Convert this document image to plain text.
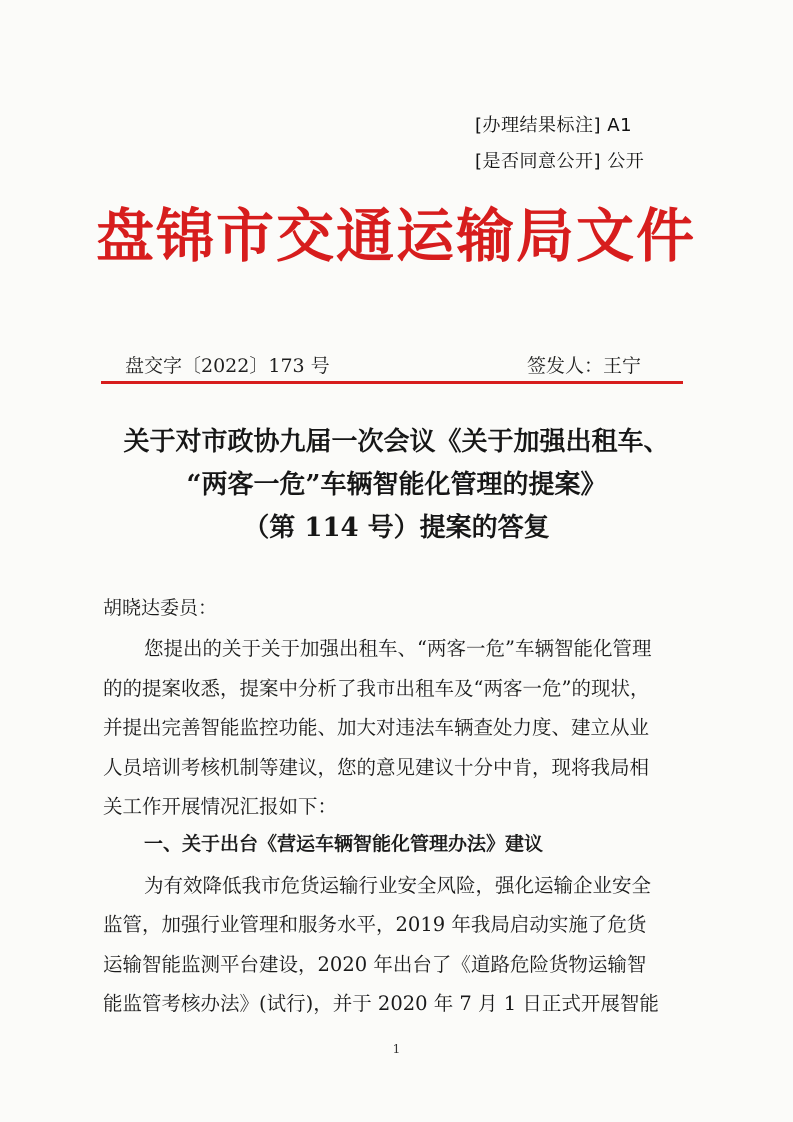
[办理结果标注] A1
[是否同意公开] 公开
盘锦市交通运输局文件
盘交字〔2022〕173 号	签发人：王宁
关于对市政协九届一次会议《关于加强出租车、
“两客一危”车辆智能化管理的提案》
（第 114 号）提案的答复
胡晓达委员：
您提出的关于关于加强出租车、“两客一危”车辆智能化管理
的的提案收悉，提案中分析了我市出租车及“两客一危”的现状，
并提出完善智能监控功能、加大对违法车辆查处力度、建立从业
人员培训考核机制等建议，您的意见建议十分中肯，现将我局相
关工作开展情况汇报如下：
一、关于出台《营运车辆智能化管理办法》建议
为有效降低我市危货运输行业安全风险，强化运输企业安全
监管，加强行业管理和服务水平，2019 年我局启动实施了危货
运输智能监测平台建设，2020 年出台了《道路危险货物运输智
能监管考核办法》(试行)，并于 2020 年 7 月 1 日正式开展智能
1
